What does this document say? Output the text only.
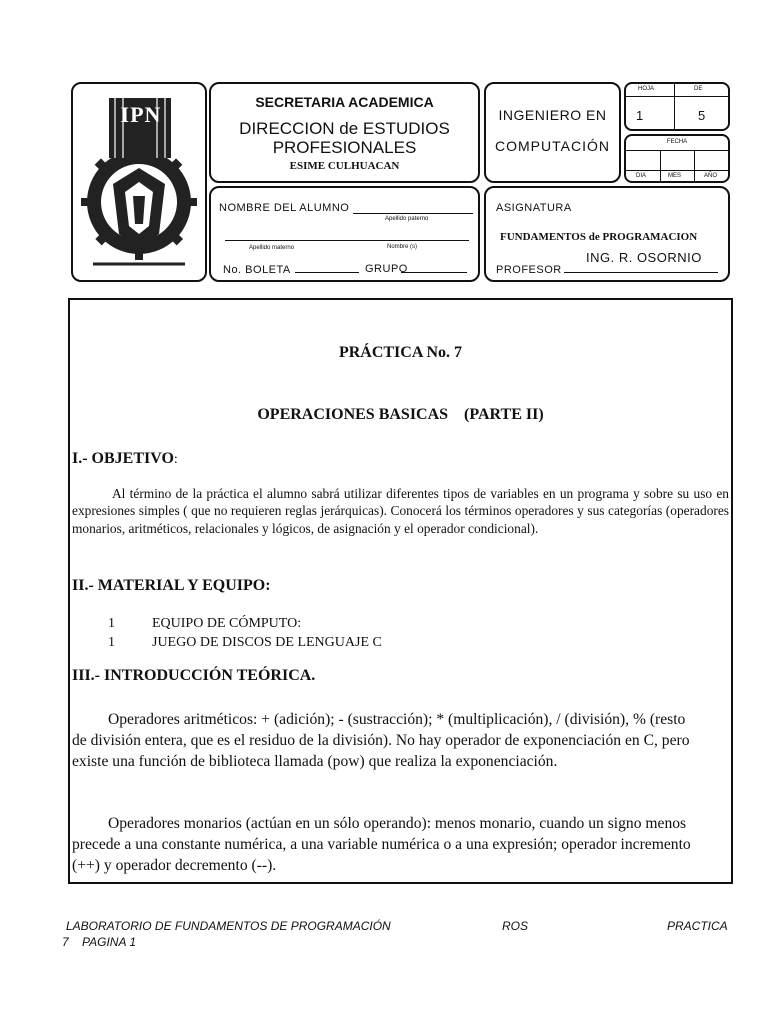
IPN	SECRETARIA ACADEMICA
DIRECCION de ESTUDIOS
PROFESIONALES
ESIME CULHUACAN
INGENIERO EN
COMPUTACIÓN
HOJA	DE
1	5
FECHA
DIA	MES	AÑO
NOMBRE DEL ALUMNO
Apellido paterno
Apellido materno	Nombre (s)
No. BOLETA	GRUPO
ASIGNATURA
FUNDAMENTOS de PROGRAMACION
ING. R. OSORNIO
PROFESOR
PRÁCTICA No. 7
OPERACIONES BASICAS    (PARTE II)
I.- OBJETIVO:

Al término de la práctica el alumno sabrá utilizar diferentes tipos de variables en un programa y sobre su uso en expresiones simples ( que no requieren reglas jerárquicas). Conocerá los términos operadores y sus categorías (operadores monarios, aritméticos, relacionales y lógicos, de asignación y el operador condicional).

II.- MATERIAL Y EQUIPO:
1	EQUIPO DE CÓMPUTO:
1	JUEGO DE DISCOS DE LENGUAJE C
III.- INTRODUCCIÓN TEÓRICA.

Operadores aritméticos: + (adición); - (sustracción); * (multiplicación), / (división), % (resto de división entera, que es el residuo de la división). No hay operador de exponenciación en C, pero existe una función de biblioteca llamada (pow) que realiza la exponenciación.

Operadores monarios (actúan en un sólo operando): menos monario, cuando un signo menos precede a una constante numérica, a una variable numérica o a una expresión; operador incremento (++) y operador decremento (--).

LABORATORIO DE FUNDAMENTOS DE PROGRAMACIÓN	ROS	PRACTICA
7    PAGINA 1
